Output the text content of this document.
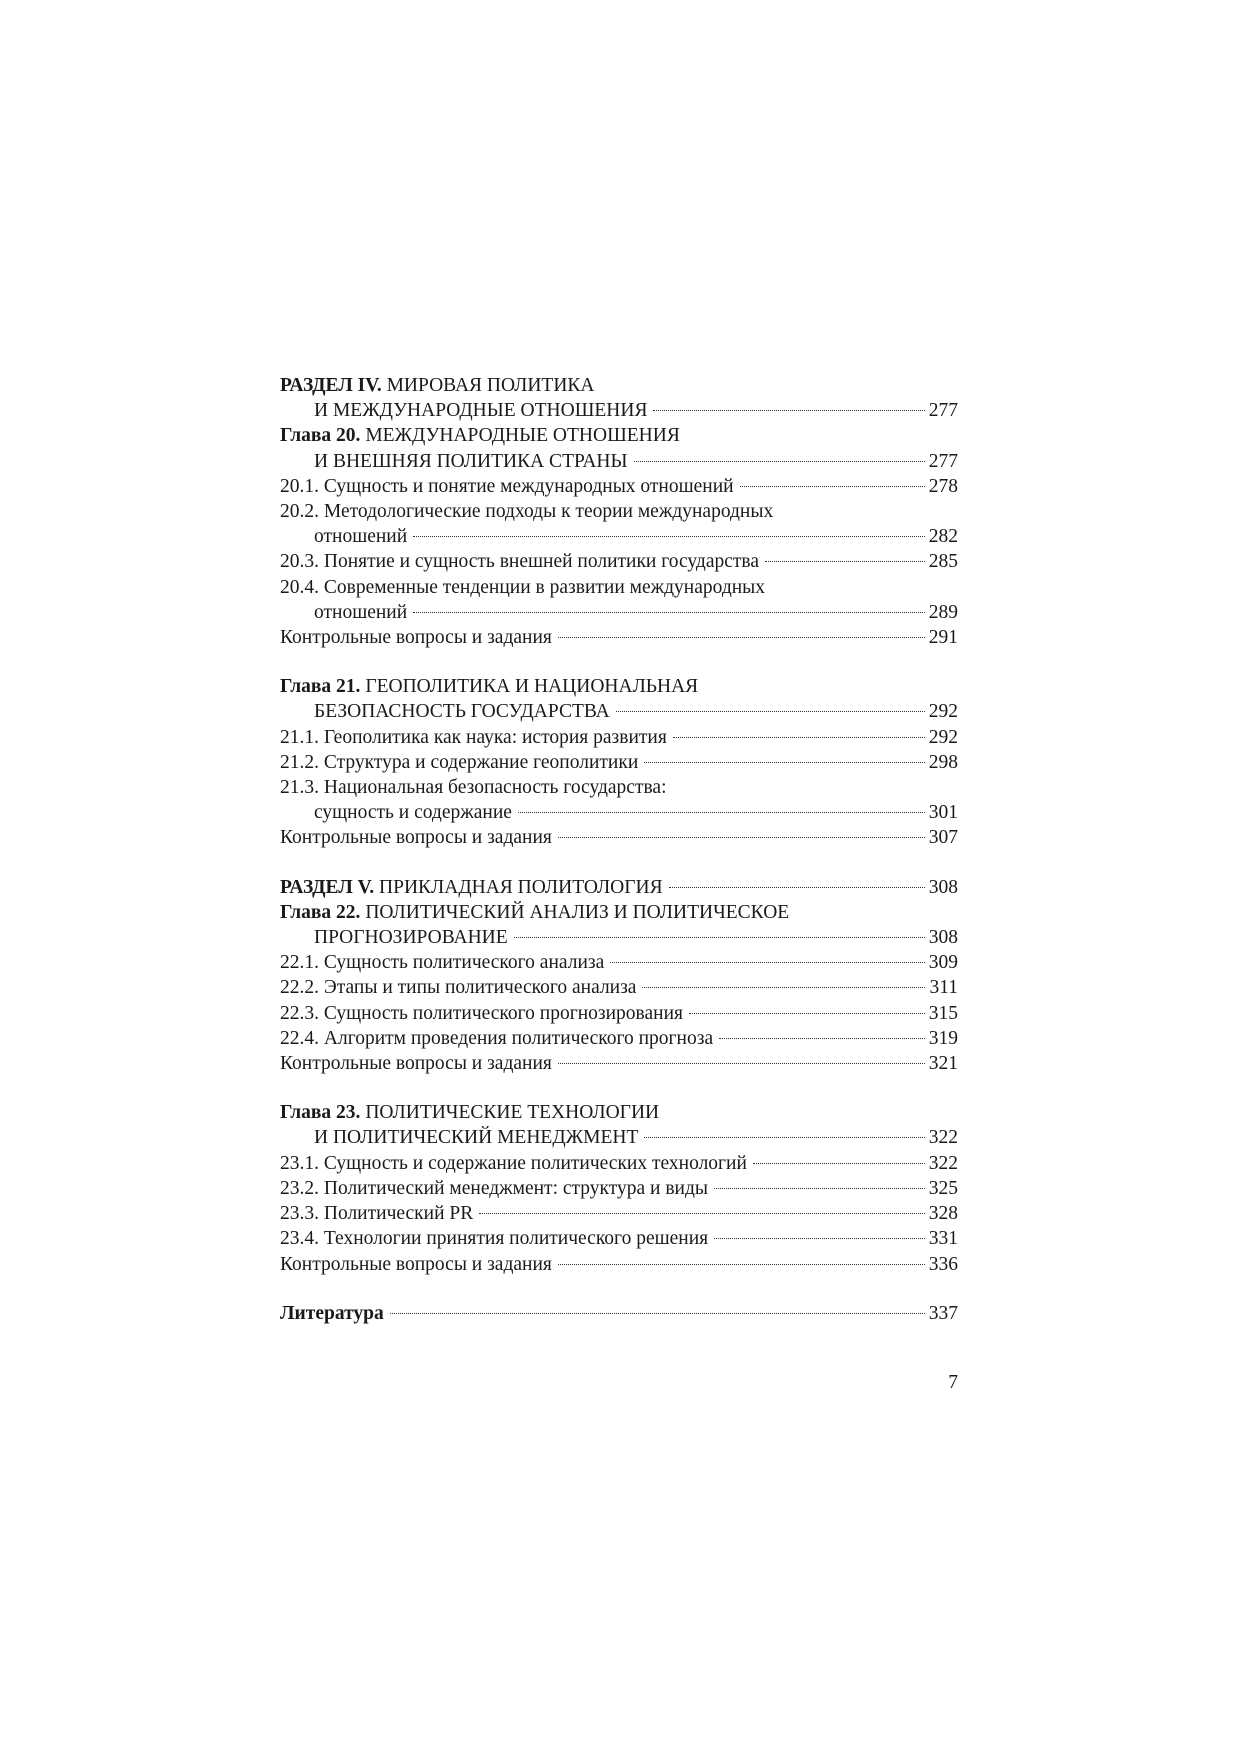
РАЗДЕЛ IV. МИРОВАЯ ПОЛИТИКА
И МЕЖДУНАРОДНЫЕ ОТНОШЕНИЯ	277
Глава 20. МЕЖДУНАРОДНЫЕ ОТНОШЕНИЯ
И ВНЕШНЯЯ ПОЛИТИКА СТРАНЫ	277
20.1. Сущность и понятие международных отношений	278
20.2. Методологические подходы к теории международных
отношений	282
20.3. Понятие и сущность внешней политики государства	285
20.4. Современные тенденции в развитии международных
отношений	289
Контрольные вопросы и задания	291
Глава 21. ГЕОПОЛИТИКА И НАЦИОНАЛЬНАЯ
БЕЗОПАСНОСТЬ ГОСУДАРСТВА	292
21.1. Геополитика как наука: история развития	292
21.2. Структура и содержание геополитики	298
21.3. Национальная безопасность государства:
сущность и содержание	301
Контрольные вопросы и задания	307
РАЗДЕЛ V. ПРИКЛАДНАЯ ПОЛИТОЛОГИЯ	308
Глава 22. ПОЛИТИЧЕСКИЙ АНАЛИЗ И ПОЛИТИЧЕСКОЕ
ПРОГНОЗИРОВАНИЕ	308
22.1. Сущность политического анализа	309
22.2. Этапы и типы политического анализа	311
22.3. Сущность политического прогнозирования	315
22.4. Алгоритм проведения политического прогноза	319
Контрольные вопросы и задания	321
Глава 23. ПОЛИТИЧЕСКИЕ ТЕХНОЛОГИИ
И ПОЛИТИЧЕСКИЙ МЕНЕДЖМЕНТ	322
23.1. Сущность и содержание политических технологий	322
23.2. Политический менеджмент: структура и виды	325
23.3. Политический PR	328
23.4. Технологии принятия политического решения	331
Контрольные вопросы и задания	336
Литература	337
7
